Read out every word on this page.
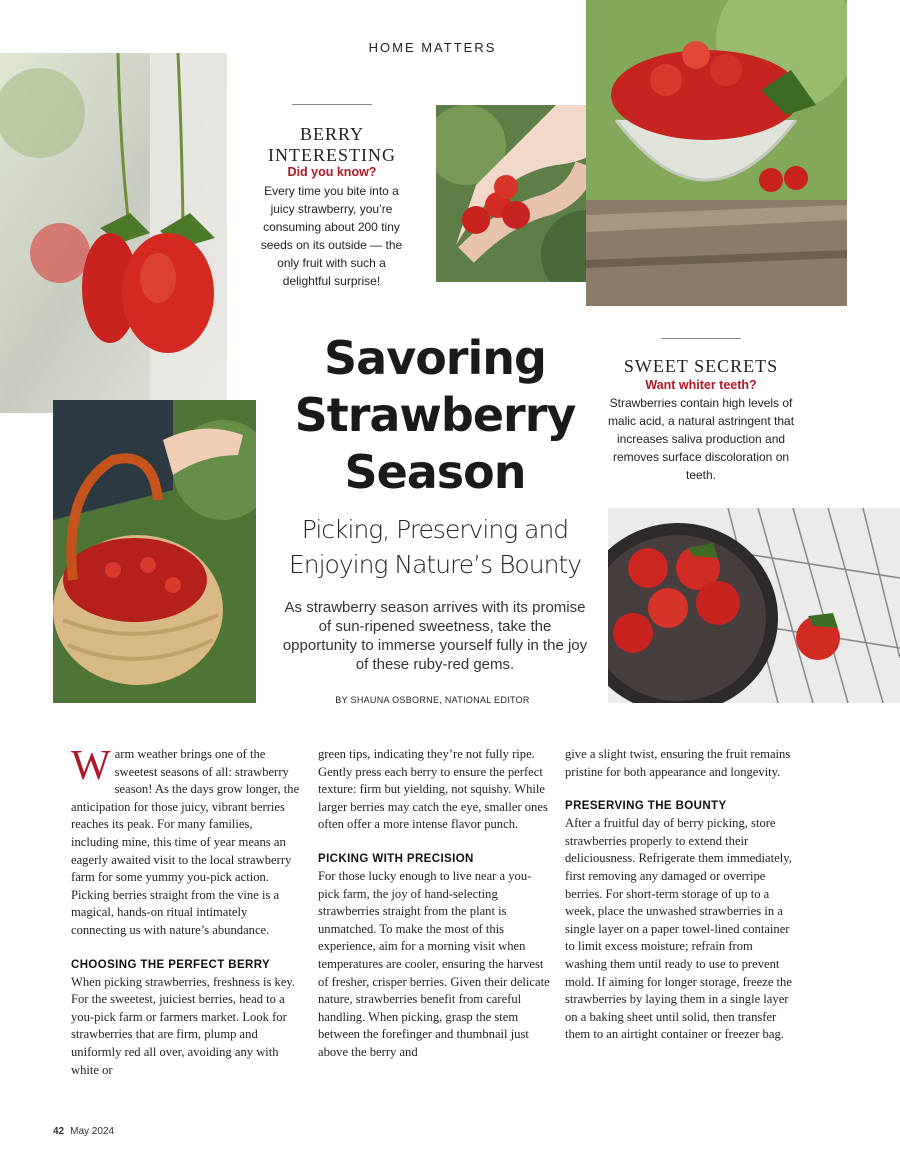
HOME MATTERS
BERRY
INTERESTING
Did you know?
Every time you bite into a juicy strawberry, you’re consuming about 200 tiny seeds on its outside — the only fruit with such a delightful surprise!
SWEET SECRETS
Want whiter teeth?
Strawberries contain high levels of malic acid, a natural astringent that increases saliva production and removes surface discoloration on teeth.
Savoring
Strawberry
Season
Picking, Preserving and
Enjoying Nature’s Bounty
As strawberry season arrives with its promise of sun-ripened sweetness, take the opportunity to immerse yourself fully in the joy of these ruby-red gems.
BY SHAUNA OSBORNE, NATIONAL EDITOR

Warm weather brings one of the sweetest seasons of all: strawberry season! As the days grow longer, the anticipation for those juicy, vibrant berries reaches its peak. For many families, including mine, this time of year means an eagerly awaited visit to the local strawberry farm for some yummy you-pick action. Picking berries straight from the vine is a magical, hands-on ritual intimately connecting us with nature’s abundance.

CHOOSING THE PERFECT BERRY

When picking strawberries, freshness is key. For the sweetest, juiciest berries, head to a you-pick farm or farmers market. Look for strawberries that are firm, plump and uniformly red all over, avoiding any with white or

green tips, indicating they’re not fully ripe. Gently press each berry to ensure the perfect texture: firm but yielding, not squishy. While larger berries may catch the eye, smaller ones often offer a more intense flavor punch.

PICKING WITH PRECISION

For those lucky enough to live near a you-pick farm, the joy of hand-selecting strawberries straight from the plant is unmatched. To make the most of this experience, aim for a morning visit when temperatures are cooler, ensuring the harvest of fresher, crisper berries. Given their delicate nature, strawberries benefit from careful handling. When picking, grasp the stem between the forefinger and thumbnail just above the berry and

give a slight twist, ensuring the fruit remains pristine for both appearance and longevity.

PRESERVING THE BOUNTY

After a fruitful day of berry picking, store strawberries properly to extend their deliciousness. Refrigerate them immediately, first removing any damaged or overripe berries. For short-term storage of up to a week, place the unwashed strawberries in a single layer on a paper towel-lined container to limit excess moisture; refrain from washing them until ready to use to prevent mold. If aiming for longer storage, freeze the strawberries by laying them in a single layer on a baking sheet until solid, then transfer them to an airtight container or freezer bag.

42 May 2024
